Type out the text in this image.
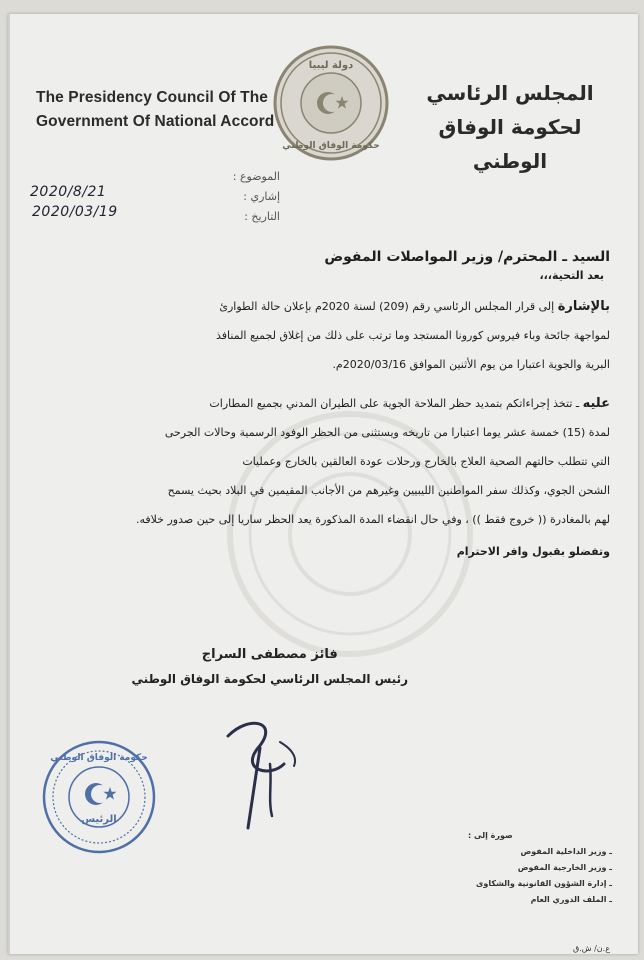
The Presidency Council Of The
Government Of National Accord
دولة ليبيا
حكومة الوفاق الوطني
المجلس الرئاسي
لحكومة الوفاق الوطني
الموضوع :
إشاري :
التاريخ :
2020/8/21
2020/03/19
السيد ـ المحترم/ وزير المواصلات المفوض
بعد التحية،،،
بالإشارة إلى قرار المجلس الرئاسي رقم (209) لسنة 2020م بإعلان حالة الطوارئ
لمواجهة جائحة وباء فيروس كورونا المستجد وما ترتب على ذلك من إغلاق لجميع المنافذ
البرية والجوية اعتبارا من يوم الأثنين الموافق 2020/03/16م.
عليه ـ تتخذ إجراءاتكم بتمديد حظر الملاحة الجوية على الطيران المدني بجميع المطارات
لمدة (15) خمسة عشر يوما اعتبارا من تاريخه ويستثنى من الحظر الوفود الرسمية وحالات الجرحى
التي تتطلب حالتهم الصحية العلاج بالخارج ورحلات عودة العالقين بالخارج وعمليات
الشحن الجوي، وكذلك سفر المواطنين الليبيين وغيرهم من الأجانب المقيمين في البلاد بحيث يسمح
لهم بالمغادرة (( خروج فقط )) ، وفي حال انقضاء المدة المذكورة يعد الحظر ساريا إلى حين صدور خلافه.
وتفضلو بقبول وافر الاحترام
فائز مصطفى السراج
رئيس المجلس الرئاسي لحكومة الوفاق الوطني
حكومة الوفاق الوطني
الرئيس
صورة إلى :
ـ وزير الداخلية المفوض
ـ وزير الخارجية المفوض
ـ إدارة الشؤون القانونية والشكاوى
ـ الملف الدوري العام
ع.ن/ ش.ق
